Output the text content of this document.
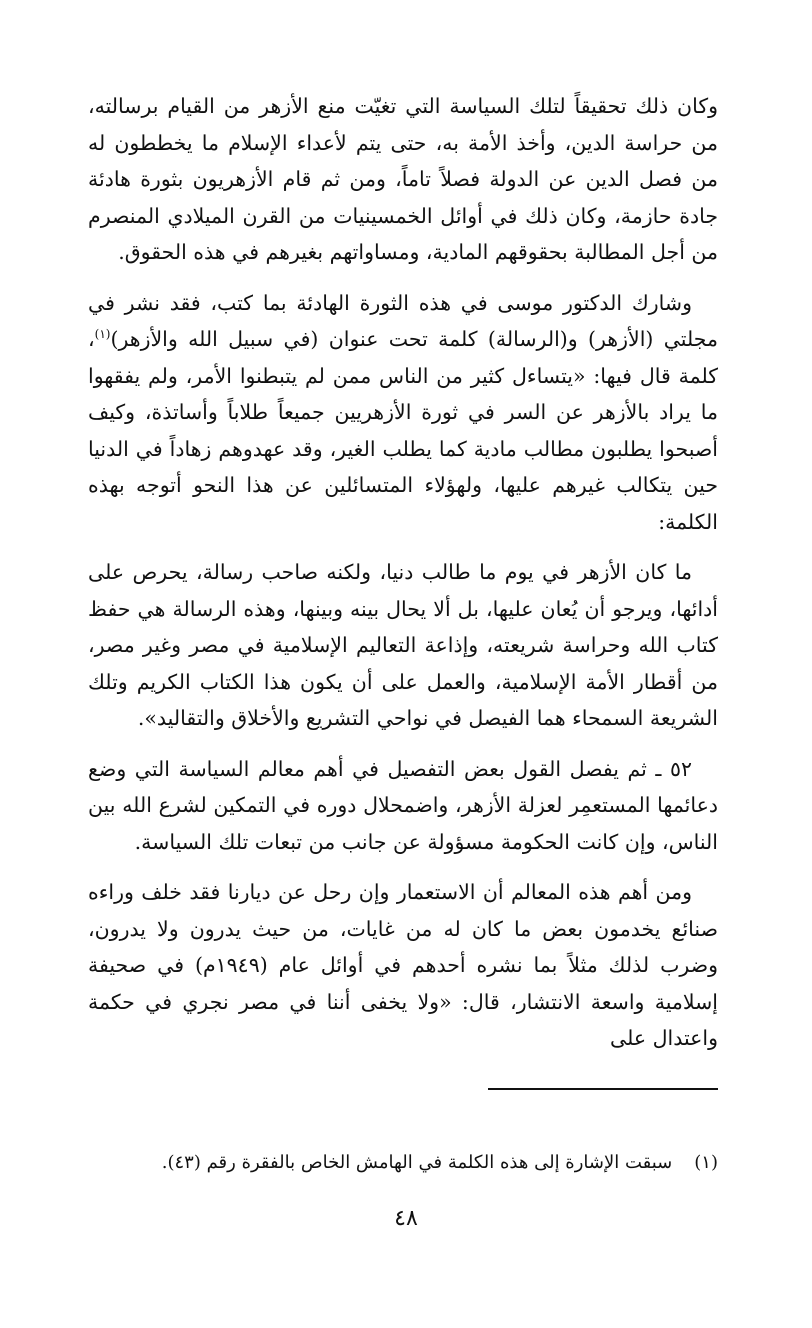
وكان ذلك تحقيقاً لتلك السياسة التي تغيّت منع الأزهر من القيام برسالته، من حراسة الدين، وأخذ الأمة به، حتى يتم لأعداء الإسلام ما يخططون له من فصل الدين عن الدولة فصلاً تاماً، ومن ثم قام الأزهريون بثورة هادئة جادة حازمة، وكان ذلك في أوائل الخمسينيات من القرن الميلادي المنصرم من أجل المطالبة بحقوقهم المادية، ومساواتهم بغيرهم في هذه الحقوق.

وشارك الدكتور موسى في هذه الثورة الهادئة بما كتب، فقد نشر في مجلتي (الأزهر) و(الرسالة) كلمة تحت عنوان (في سبيل الله والأزهر)$^{(١)}$، كلمة قال فيها: «يتساءل كثير من الناس ممن لم يتبطنوا الأمر، ولم يفقهوا ما يراد بالأزهر عن السر في ثورة الأزهريين جميعاً طلاباً وأساتذة، وكيف أصبحوا يطلبون مطالب مادية كما يطلب الغير، وقد عهدوهم زهاداً في الدنيا حين يتكالب غيرهم عليها، ولهؤلاء المتسائلين عن هذا النحو أتوجه بهذه الكلمة:

ما كان الأزهر في يوم ما طالب دنيا، ولكنه صاحب رسالة، يحرص على أدائها، ويرجو أن يُعان عليها، بل ألا يحال بينه وبينها، وهذه الرسالة هي حفظ كتاب الله وحراسة شريعته، وإذاعة التعاليم الإسلامية في مصر وغير مصر، من أقطار الأمة الإسلامية، والعمل على أن يكون هذا الكتاب الكريم وتلك الشريعة السمحاء هما الفيصل في نواحي التشريع والأخلاق والتقاليد».

٥٢ ـ ثم يفصل القول بعض التفصيل في أهم معالم السياسة التي وضع دعائمها المستعمِر لعزلة الأزهر، واضمحلال دوره في التمكين لشرع الله بين الناس، وإن كانت الحكومة مسؤولة عن جانب من تبعات تلك السياسة.

ومن أهم هذه المعالم أن الاستعمار وإن رحل عن ديارنا فقد خلف وراءه صنائع يخدمون بعض ما كان له من غايات، من حيث يدرون ولا يدرون، وضرب لذلك مثلاً بما نشره أحدهم في أوائل عام (١٩٤٩م) في صحيفة إسلامية واسعة الانتشار، قال: «ولا يخفى أننا في مصر نجري في حكمة واعتدال على

(١)سبقت الإشارة إلى هذه الكلمة في الهامش الخاص بالفقرة رقم (٤٣).
٤٨
